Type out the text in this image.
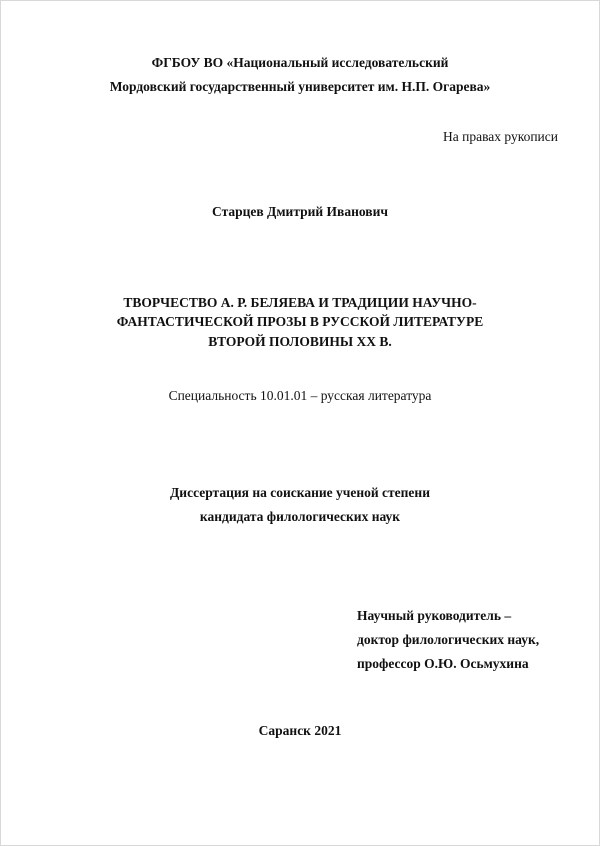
ФГБОУ ВО «Национальный исследовательский
Мордовский государственный университет им. Н.П. Огарева»
На правах рукописи
Старцев Дмитрий Иванович
ТВОРЧЕСТВО А. Р. БЕЛЯЕВА И ТРАДИЦИИ НАУЧНО-
ФАНТАСТИЧЕСКОЙ ПРОЗЫ В РУССКОЙ ЛИТЕРАТУРЕ
ВТОРОЙ ПОЛОВИНЫ XX В.
Специальность 10.01.01 – русская литература
Диссертация на соискание ученой степени
кандидата филологических наук
Научный руководитель –
доктор филологических наук,
профессор О.Ю. Осьмухина
Саранск 2021
